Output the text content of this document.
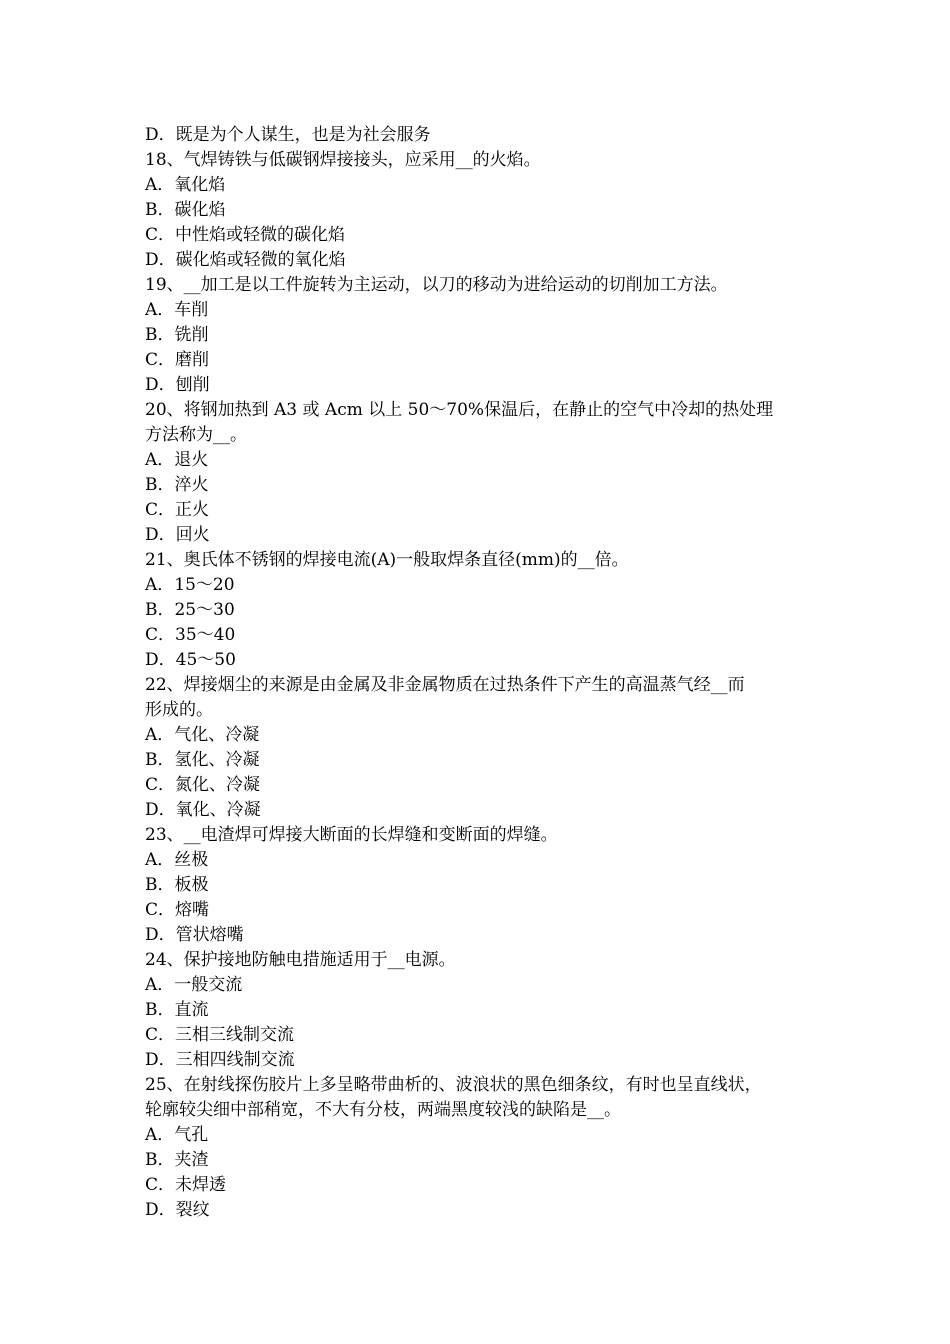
D．既是为个人谋生，也是为社会服务
18、气焊铸铁与低碳钢焊接接头，应采用__的火焰。
A．氧化焰
B．碳化焰
C．中性焰或轻微的碳化焰
D．碳化焰或轻微的氧化焰
19、__加工是以工件旋转为主运动，以刀的移动为进给运动的切削加工方法。
A．车削
B．铣削
C．磨削
D．刨削
20、将钢加热到 A3 或 Acm 以上 50～70%保温后，在静止的空气中冷却的热处理
方法称为__。
A．退火
B．淬火
C．正火
D．回火
21、奥氏体不锈钢的焊接电流(A)一般取焊条直径(mm)的__倍。
A．15～20
B．25～30
C．35～40
D．45～50
22、焊接烟尘的来源是由金属及非金属物质在过热条件下产生的高温蒸气经__而
形成的。
A．气化、冷凝
B．氢化、冷凝
C．氮化、冷凝
D．氧化、冷凝
23、__电渣焊可焊接大断面的长焊缝和变断面的焊缝。
A．丝极
B．板极
C．熔嘴
D．管状熔嘴
24、保护接地防触电措施适用于__电源。
A．一般交流
B．直流
C．三相三线制交流
D．三相四线制交流
25、在射线探伤胶片上多呈略带曲析的、波浪状的黑色细条纹，有时也呈直线状，
轮廓较尖细中部稍宽，不大有分枝，两端黑度较浅的缺陷是__。
A．气孔
B．夹渣
C．未焊透
D．裂纹
